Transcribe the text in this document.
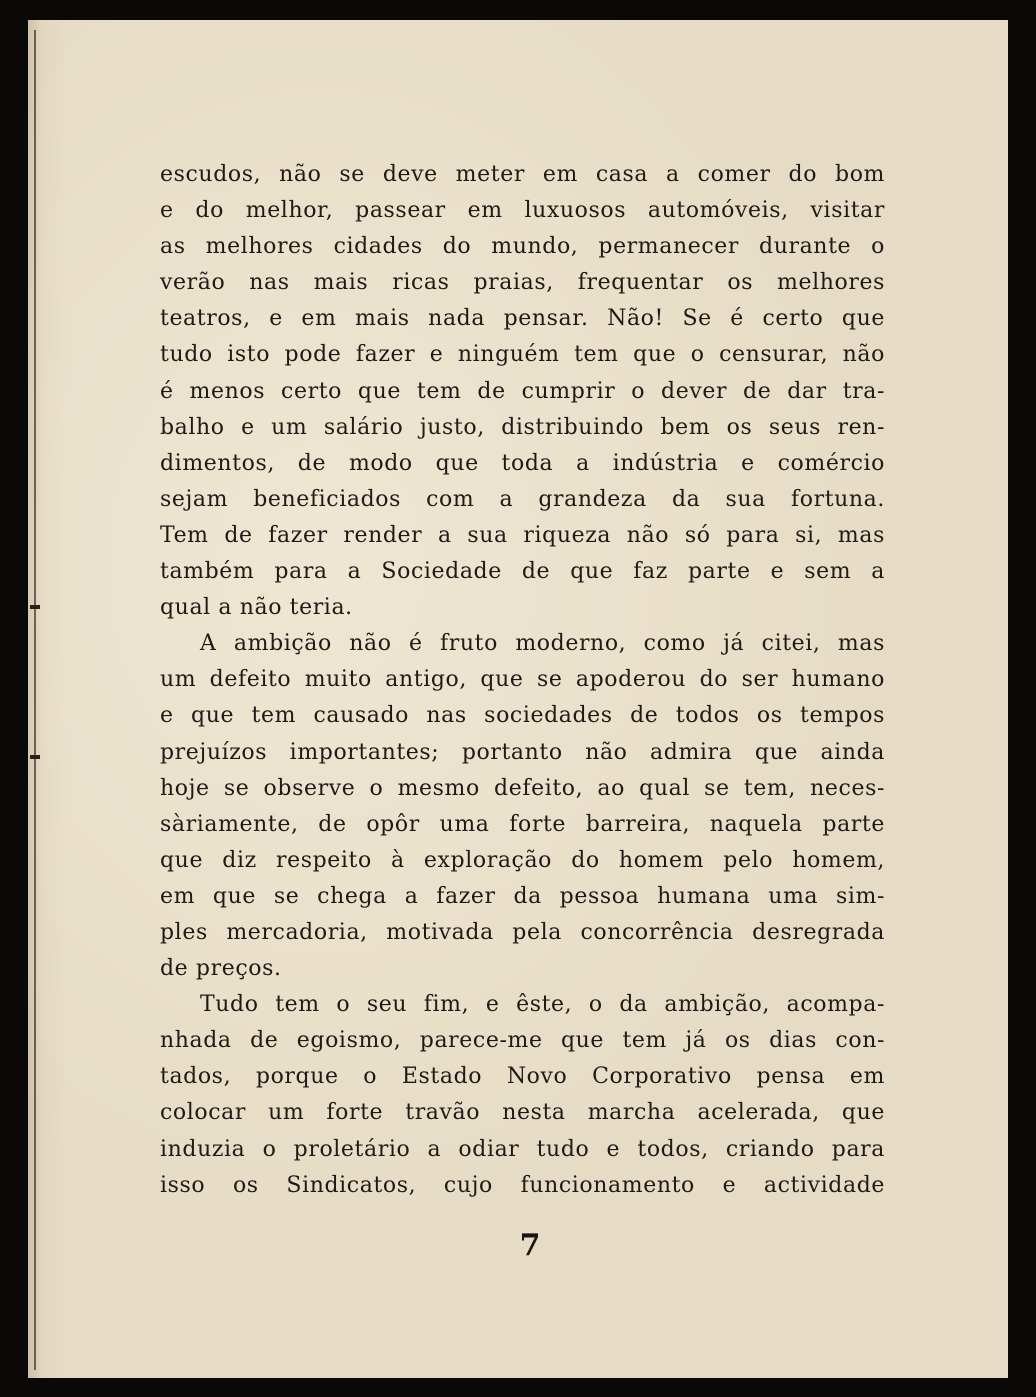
escudos, não se deve meter em casa a comer do bom
e do melhor, passear em luxuosos automóveis, visitar
as melhores cidades do mundo, permanecer durante o
verão nas mais ricas praias, frequentar os melhores
teatros, e em mais nada pensar. Não! Se é certo que
tudo isto pode fazer e ninguém tem que o censurar, não
é menos certo que tem de cumprir o dever de dar tra-
balho e um salário justo, distribuindo bem os seus ren-
dimentos, de modo que toda a indústria e comércio
sejam beneficiados com a grandeza da sua fortuna.
Tem de fazer render a sua riqueza não só para si, mas
também para a Sociedade de que faz parte e sem a
qual a não teria.
A ambição não é fruto moderno, como já citei, mas
um defeito muito antigo, que se apoderou do ser humano
e que tem causado nas sociedades de todos os tempos
prejuízos importantes; portanto não admira que ainda
hoje se observe o mesmo defeito, ao qual se tem, neces-
sàriamente, de opôr uma forte barreira, naquela parte
que diz respeito à exploração do homem pelo homem,
em que se chega a fazer da pessoa humana uma sim-
ples mercadoria, motivada pela concorrência desregrada
de preços.
Tudo tem o seu fim, e êste, o da ambição, acompa-
nhada de egoismo, parece-me que tem já os dias con-
tados, porque o Estado Novo Corporativo pensa em
colocar um forte travão nesta marcha acelerada, que
induzia o proletário a odiar tudo e todos, criando para
isso os Sindicatos, cujo funcionamento e actividade
7
